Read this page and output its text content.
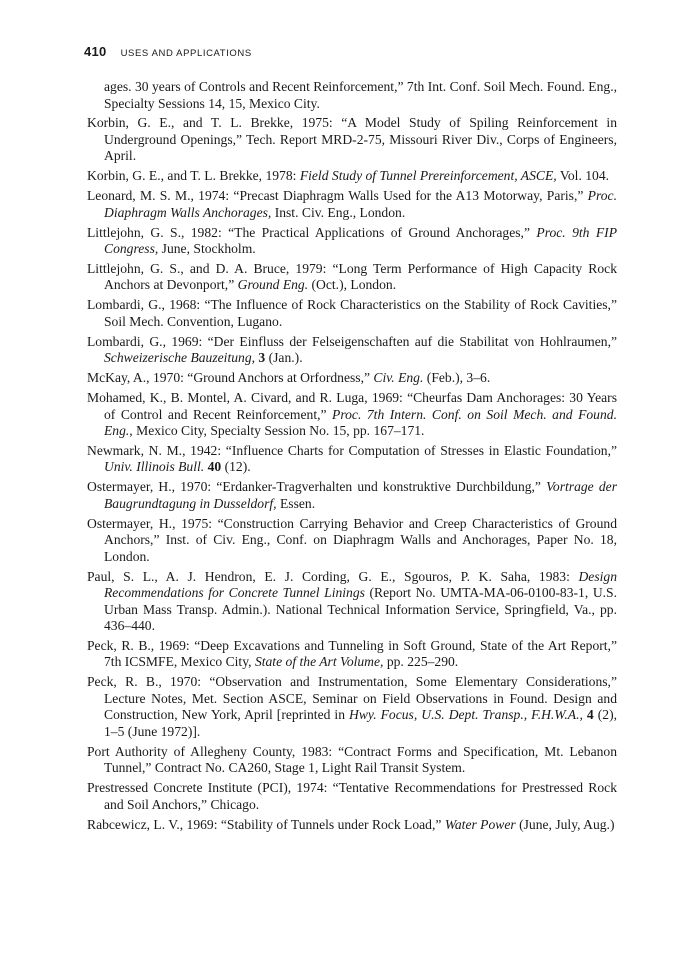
410 USES AND APPLICATIONS

ages. 30 years of Controls and Recent Reinforcement,” 7th Int. Conf. Soil Mech. Found. Eng., Specialty Sessions 14, 15, Mexico City.

Korbin, G. E., and T. L. Brekke, 1975: “A Model Study of Spiling Reinforcement in Underground Openings,” Tech. Report MRD-2-75, Missouri River Div., Corps of Engineers, April.

Korbin, G. E., and T. L. Brekke, 1978: Field Study of Tunnel Prereinforcement, ASCE, Vol. 104.

Leonard, M. S. M., 1974: “Precast Diaphragm Walls Used for the A13 Motorway, Paris,” Proc. Diaphragm Walls Anchorages, Inst. Civ. Eng., London.

Littlejohn, G. S., 1982: “The Practical Applications of Ground Anchorages,” Proc. 9th FIP Congress, June, Stockholm.

Littlejohn, G. S., and D. A. Bruce, 1979: “Long Term Performance of High Capacity Rock Anchors at Devonport,” Ground Eng. (Oct.), London.

Lombardi, G., 1968: “The Influence of Rock Characteristics on the Stability of Rock Cavities,” Soil Mech. Convention, Lugano.

Lombardi, G., 1969: “Der Einfluss der Felseigenschaften auf die Stabilitat von Hohlraumen,” Schweizerische Bauzeitung, 3 (Jan.).

McKay, A., 1970: “Ground Anchors at Orfordness,” Civ. Eng. (Feb.), 3–6.

Mohamed, K., B. Montel, A. Civard, and R. Luga, 1969: “Cheurfas Dam Anchorages: 30 Years of Control and Recent Reinforcement,” Proc. 7th Intern. Conf. on Soil Mech. and Found. Eng., Mexico City, Specialty Session No. 15, pp. 167–171.

Newmark, N. M., 1942: “Influence Charts for Computation of Stresses in Elastic Foundation,” Univ. Illinois Bull. 40 (12).

Ostermayer, H., 1970: “Erdanker-Tragverhalten und konstruktive Durchbildung,” Vortrage der Baugrundtagung in Dusseldorf, Essen.

Ostermayer, H., 1975: “Construction Carrying Behavior and Creep Characteristics of Ground Anchors,” Inst. of Civ. Eng., Conf. on Diaphragm Walls and Anchorages, Paper No. 18, London.

Paul, S. L., A. J. Hendron, E. J. Cording, G. E., Sgouros, P. K. Saha, 1983: Design Recommendations for Concrete Tunnel Linings (Report No. UMTA-MA-06-0100-83-1, U.S. Urban Mass Transp. Admin.). National Technical Information Service, Springfield, Va., pp. 436–440.

Peck, R. B., 1969: “Deep Excavations and Tunneling in Soft Ground, State of the Art Report,” 7th ICSMFE, Mexico City, State of the Art Volume, pp. 225–290.

Peck, R. B., 1970: “Observation and Instrumentation, Some Elementary Considerations,” Lecture Notes, Met. Section ASCE, Seminar on Field Observations in Found. Design and Construction, New York, April [reprinted in Hwy. Focus, U.S. Dept. Transp., F.H.W.A., 4 (2), 1–5 (June 1972)].

Port Authority of Allegheny County, 1983: “Contract Forms and Specification, Mt. Lebanon Tunnel,” Contract No. CA260, Stage 1, Light Rail Transit System.

Prestressed Concrete Institute (PCI), 1974: “Tentative Recommendations for Prestressed Rock and Soil Anchors,” Chicago.

Rabcewicz, L. V., 1969: “Stability of Tunnels under Rock Load,” Water Power (June, July, Aug.)
